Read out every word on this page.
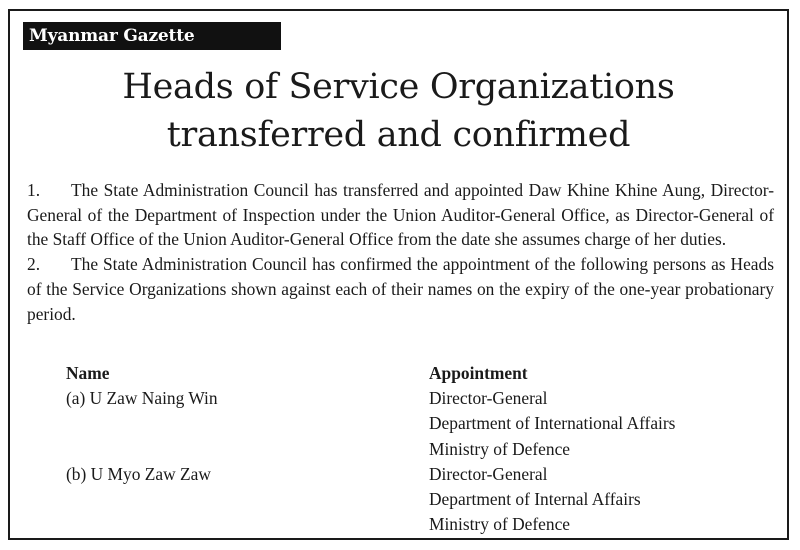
Myanmar Gazette
Heads of Service Organizations
transferred and confirmed

1. The State Administration Council has transferred and appointed Daw Khine Khine Aung, Director-General of the Department of Inspection under the Union Auditor-General Office, as Director-General of the Staff Office of the Union Auditor-General Office from the date she assumes charge of her duties.

2. The State Administration Council has confirmed the appointment of the following persons as Heads of the Service Organizations shown against each of their names on the expiry of the one-year probationary period.

Name	Appointment
(a) U Zaw Naing Win	Director-General
Department of International Affairs
Ministry of Defence
(b) U Myo Zaw Zaw	Director-General
Department of Internal Affairs
Ministry of Defence
